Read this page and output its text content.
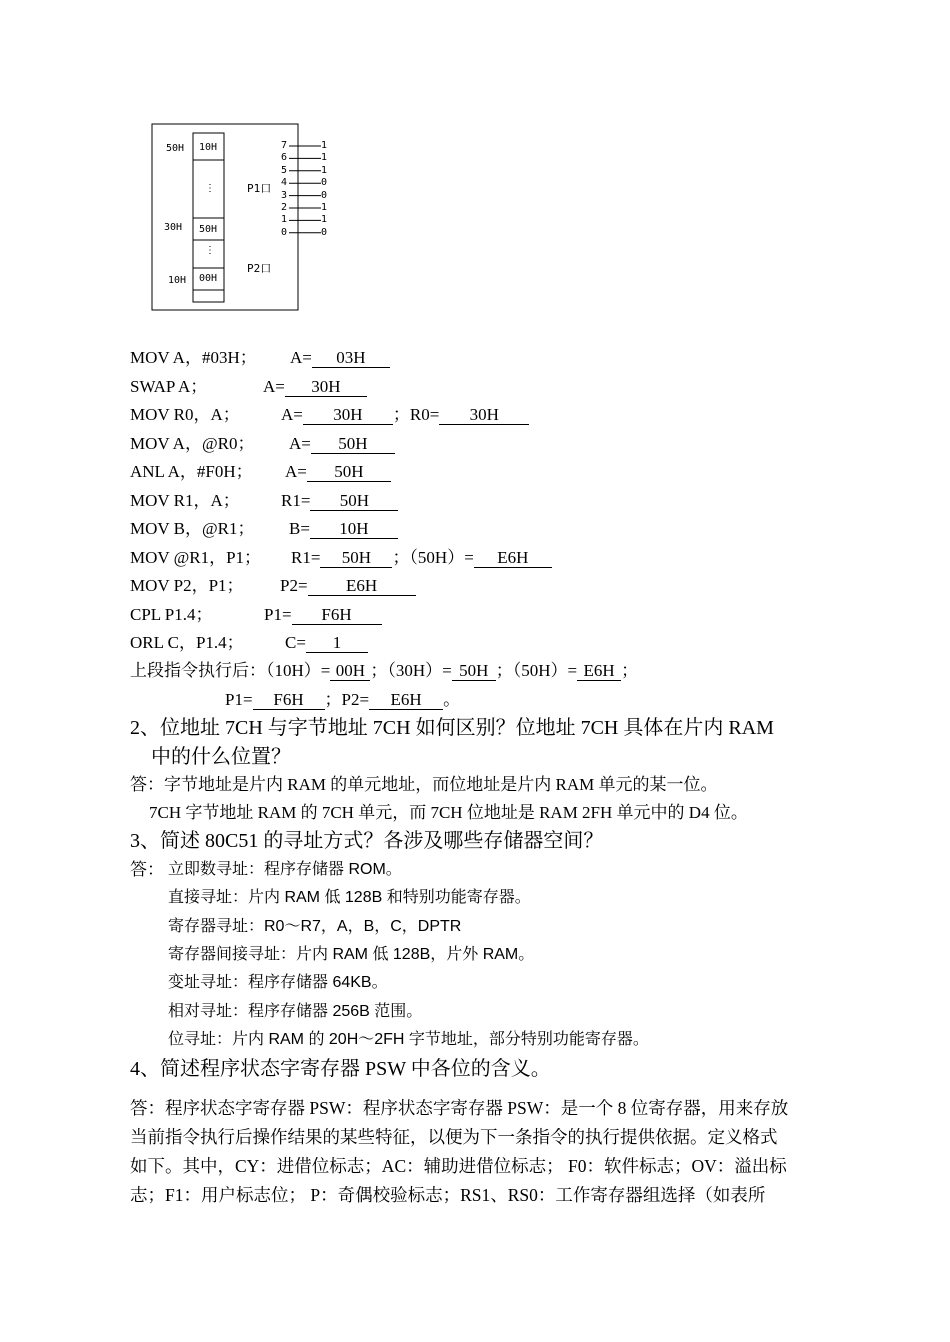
50H
30H
10H
10H
⋮
50H
⋮
00H
P1口
P2口
7	1
6	1
5	1
4	0
3	0
2	1
1	1
0	0
MOV A，#03H； A= 03H
SWAP A；	A= 30H
MOV R0，A； A= 30H ；R0= 30H
MOV A，@R0； A= 50H
ANL A，#F0H； A= 50H
MOV R1，A； R1= 50H
MOV B，@R1； B= 10H
MOV @R1，P1； R1= 50H ；（50H）= E6H
MOV P2，P1； P2= E6H
CPL P1.4；	P1= F6H
ORL C，P1.4； C= 1
上段指令执行后：（10H）= 00H ；（30H）= 50H ；（50H）= E6H ；
P1= F6H ；P2= E6H 。
2、位地址 7CH 与字节地址 7CH 如何区别？位地址 7CH 具体在片内 RAM
中的什么位置？
答：字节地址是片内 RAM 的单元地址，而位地址是片内 RAM 单元的某一位。
7CH 字节地址 RAM 的 7CH 单元，而 7CH 位地址是 RAM 2FH 单元中的 D4 位。
3、简述 80C51 的寻址方式？各涉及哪些存储器空间？
答： 立即数寻址：程序存储器 ROM。
直接寻址：片内 RAM 低 128B 和特别功能寄存器。
寄存器寻址：R0～R7，A，B，C，DPTR
寄存器间接寻址：片内 RAM 低 128B，片外 RAM。
变址寻址：程序存储器 64KB。
相对寻址：程序存储器 256B 范围。
位寻址：片内 RAM 的 20H～2FH 字节地址，部分特别功能寄存器。
4、简述程序状态字寄存器 PSW 中各位的含义。
答：程序状态字寄存器 PSW：程序状态字寄存器 PSW：是一个 8 位寄存器，用来存放
当前指令执行后操作结果的某些特征，以便为下一条指令的执行提供依据。定义格式
如下。其中，CY：进借位标志；AC：辅助进借位标志； F0：软件标志；OV：溢出标
志；F1：用户标志位； P：奇偶校验标志；RS1、RS0：工作寄存器组选择（如表所
